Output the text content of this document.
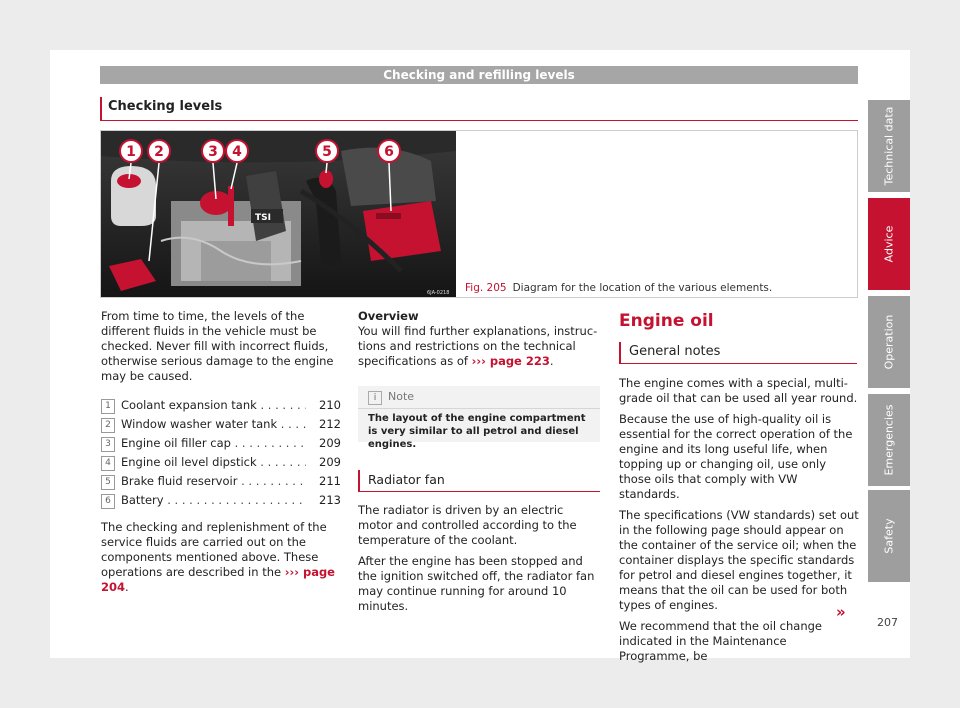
Checking and refilling levels
Checking levels
TSI
1 2	3 4	5	6
6JA-0218 Fig. 205 Diagram for the location of the various elements.

From time to time, the levels of the different fluids in the vehicle must be checked. Never fill with incorrect fluids, otherwise serious damage to the engine may be caused.

1 Coolant expansion tank . . .	210
2 Window washer water tank . . .	212
3 Engine oil filler cap . . .	209
4 Engine oil level dipstick . . .	209
5 Brake fluid reservoir . . .	211
6 Battery . . .	213

The checking and replenishment of the service fluids are carried out on the components mentioned above. These operations are described in the ››› page 204.

Overview

You will find further explanations, instructions and restrictions on the technical specifications as of ››› page 223.

i	Note
The layout of the engine compartment is very similar to all petrol and diesel engines.
Radiator fan

The radiator is driven by an electric motor and controlled according to the temperature of the coolant.

After the engine has been stopped and the ignition switched off, the radiator fan may continue running for around 10 minutes.

Engine oil
General notes

The engine comes with a special, multi-grade oil that can be used all year round.

Because the use of high-quality oil is essential for the correct operation of the engine and its long useful life, when topping up or changing oil, use only those oils that comply with VW standards.

The specifications (VW standards) set out in the following page should appear on the container of the service oil; when the container displays the specific standards for petrol and diesel engines together, it means that the oil can be used for both types of engines.

We recommend that the oil change indicated in the Maintenance Programme, be

»
Technical data
Advice
Operation
Emergencies
Safety
207
